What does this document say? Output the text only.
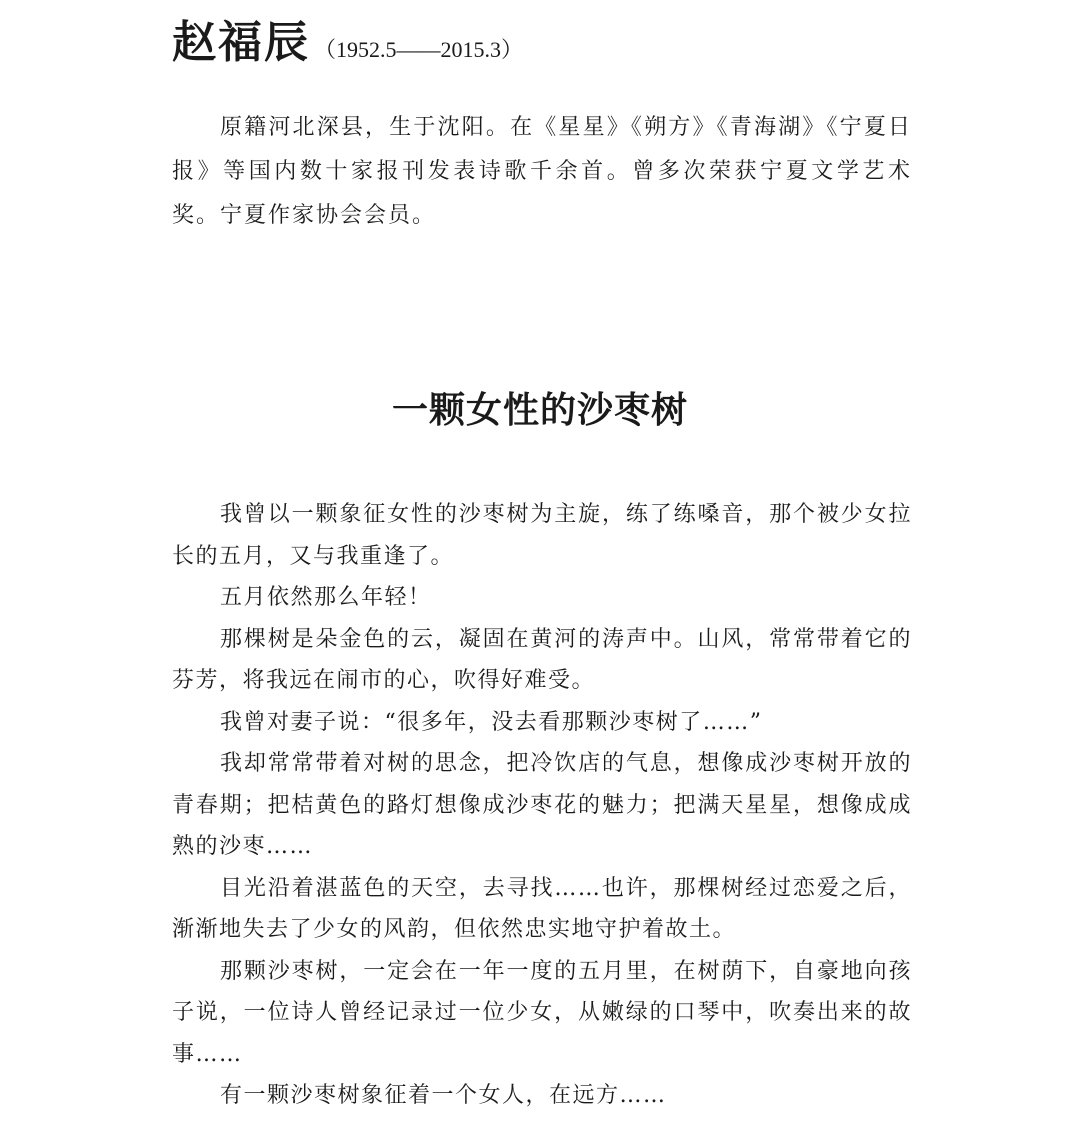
赵福辰 （1952.5——2015.3）

原籍河北深县，生于沈阳。在《星星》《朔方》《青海湖》《宁夏日报》等国内数十家报刊发表诗歌千余首。曾多次荣获宁夏文学艺术奖。宁夏作家协会会员。

一颗女性的沙枣树

我曾以一颗象征女性的沙枣树为主旋，练了练嗓音，那个被少女拉长的五月，又与我重逢了。

五月依然那么年轻！

那棵树是朵金色的云，凝固在黄河的涛声中。山风，常常带着它的芬芳，将我远在闹市的心，吹得好难受。

我曾对妻子说：“很多年，没去看那颗沙枣树了……”

我却常常带着对树的思念，把冷饮店的气息，想像成沙枣树开放的青春期；把桔黄色的路灯想像成沙枣花的魅力；把满天星星，想像成成熟的沙枣……

目光沿着湛蓝色的天空，去寻找……也许，那棵树经过恋爱之后，渐渐地失去了少女的风韵，但依然忠实地守护着故土。

那颗沙枣树，一定会在一年一度的五月里，在树荫下，自豪地向孩子说，一位诗人曾经记录过一位少女，从嫩绿的口琴中，吹奏出来的故事……

有一颗沙枣树象征着一个女人，在远方……
